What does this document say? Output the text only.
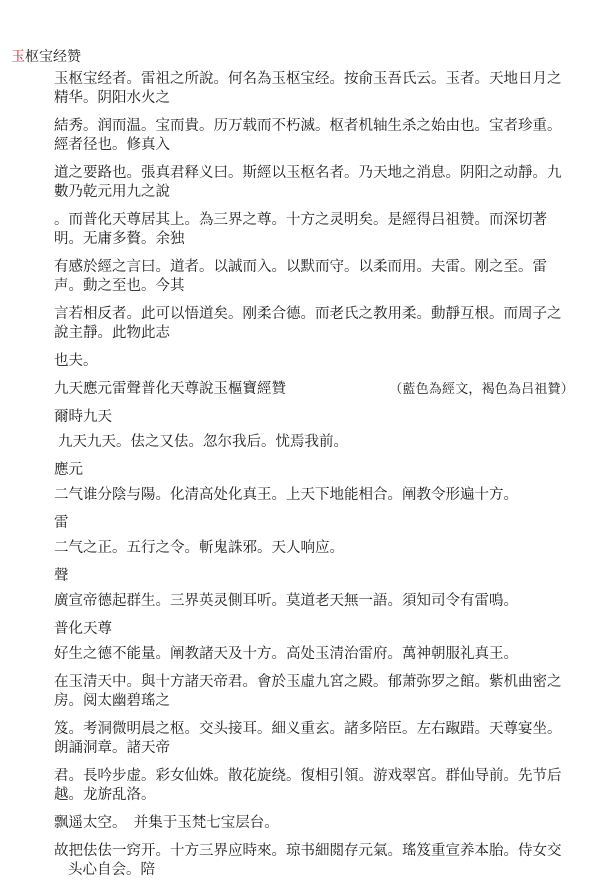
玉枢宝经赞

玉枢宝经者。雷祖之所說。何名為玉枢宝经。按俞玉吾氏云。玉者。天地日月之精华。阴阳水火之

結秀。润而温。宝而貴。历万载而不朽滅。枢者机轴生杀之始由也。宝者珍重。經者径也。修真入

道之要路也。張真君释义曰。斯經以玉枢名者。乃天地之消息。阴阳之动靜。九數乃乾元用九之說

。而普化天尊居其上。為三界之尊。十方之灵明矣。是經得吕祖赞。而深切著明。无庸多贅。余独

有感於經之言曰。道者。以誠而入。以默而守。以柔而用。夫雷。刚之至。雷声。動之至也。今其

言若相反者。此可以悟道矣。刚柔合德。而老氏之教用柔。動靜互根。而周子之說主靜。此物此志

也夫。

九天應元雷聲普化天尊說玉樞寶經贊	（藍色為經文，褐色為吕祖贊）

爾時九天

九天九天。佉之又佉。忽尔我后。忧焉我前。

應元

二气谁分陰与陽。化清高处化真王。上天下地能相合。阐教令形遍十方。

雷

二气之正。五行之令。斬鬼誅邪。天人响应。

聲

廣宣帝德起群生。三界英灵側耳听。莫道老天無一語。須知司令有雷鳴。

普化天尊

好生之德不能量。阐教諸天及十方。高处玉清治雷府。萬神朝服礼真王。

在玉清天中。與十方諸天帝君。會於玉虛九宮之殿。郁萧弥罗之館。紫机曲密之房。阅太幽碧瑤之

笈。考洞微明晨之枢。交头接耳。細义重玄。諸多陪臣。左右踧踖。天尊宴坐。朗誦洞章。諸天帝

君。長吟步虚。彩女仙姝。散花旋绕。復相引領。游戏翠宮。群仙导前。先节后越。龙旂乱洛。

飘遥太空。　并集于玉梵七宝层台。

故把佉佉一窍开。十方三界应時來。琼书細閲存元氣。瑤笈重宣养本胎。侍女交头心自会。陪
